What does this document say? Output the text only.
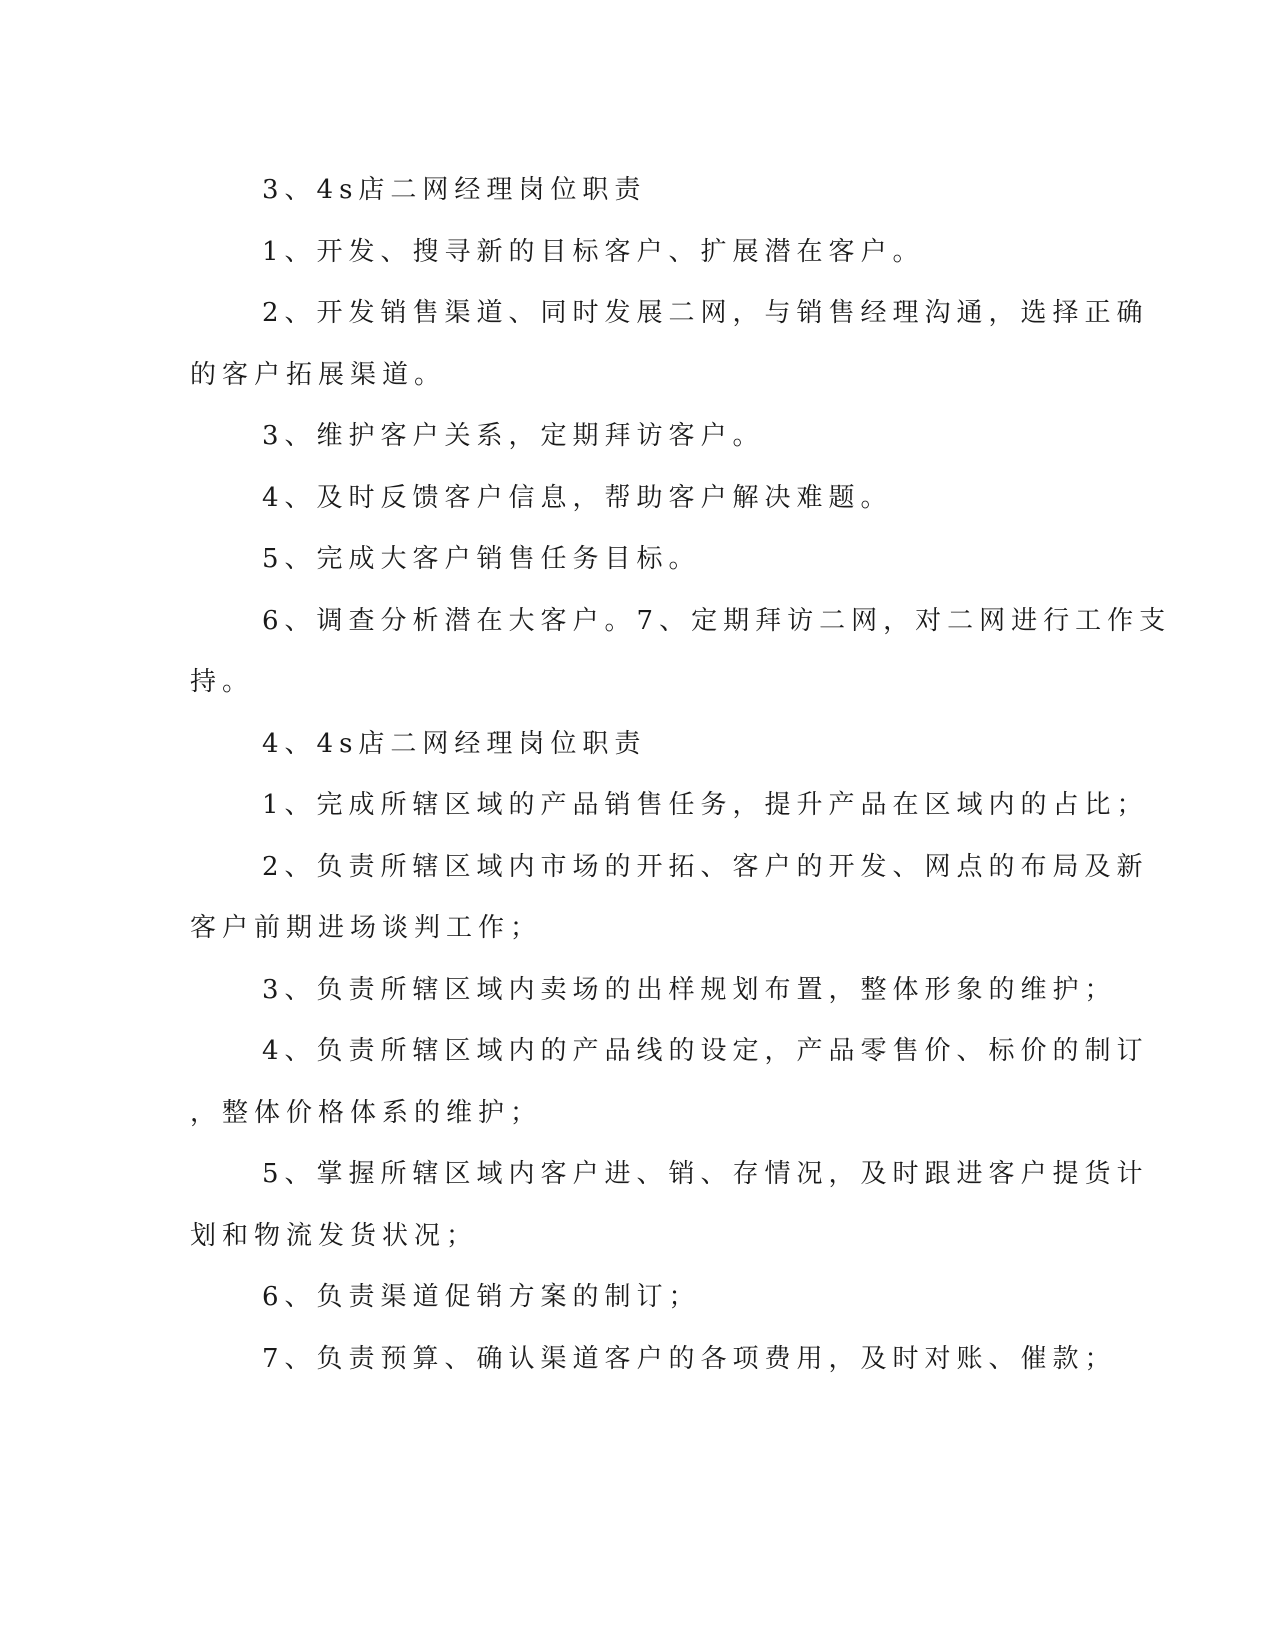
3、4s店二网经理岗位职责
1、开发、搜寻新的目标客户、扩展潜在客户。
2、开发销售渠道、同时发展二网，与销售经理沟通，选择正确
的客户拓展渠道。
3、维护客户关系，定期拜访客户。
4、及时反馈客户信息，帮助客户解决难题。
5、完成大客户销售任务目标。
6、调查分析潜在大客户。7、定期拜访二网，对二网进行工作支
持。
4、4s店二网经理岗位职责
1、完成所辖区域的产品销售任务，提升产品在区域内的占比；
2、负责所辖区域内市场的开拓、客户的开发、网点的布局及新
客户前期进场谈判工作；
3、负责所辖区域内卖场的出样规划布置，整体形象的维护；
4、负责所辖区域内的产品线的设定，产品零售价、标价的制订
，整体价格体系的维护；
5、掌握所辖区域内客户进、销、存情况，及时跟进客户提货计
划和物流发货状况；
6、负责渠道促销方案的制订；
7、负责预算、确认渠道客户的各项费用，及时对账、催款；
